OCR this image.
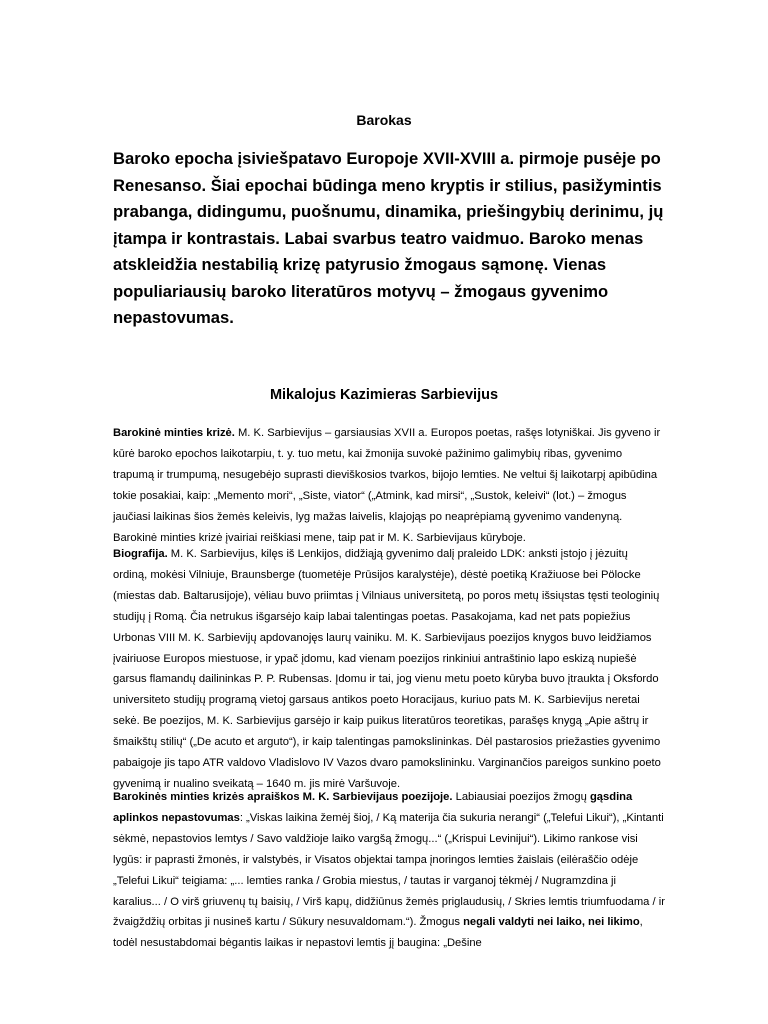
Barokas
Baroko epocha įsiviešpatavo Europoje XVII-XVIII a. pirmoje pusėje po Renesanso. Šiai epochai būdinga meno kryptis ir stilius, pasižymintis prabanga, didingumu, puošnumu, dinamika, priešingybių derinimu, jų įtampa ir kontrastais. Labai svarbus teatro vaidmuo. Baroko menas atskleidžia nestabilią krizę patyrusio žmogaus sąmonę. Vienas populiariausių baroko literatūros motyvų – žmogaus gyvenimo nepastovumas.
Mikalojus Kazimieras Sarbievijus
Barokinė minties krizė. M. K. Sarbievijus – garsiausias XVII a. Europos poetas, rašęs lotyniškai. Jis gyveno ir kūrė baroko epochos laikotarpiu, t. y. tuo metu, kai žmonija suvokė pažinimo galimybių ribas, gyvenimo trapumą ir trumpumą, nesugebėjo suprasti dieviškosios tvarkos, bijojo lemties. Ne veltui šį laikotarpį apibūdina tokie posakiai, kaip: „Memento mori“, „Siste, viator“ („Atmink, kad mirsi“, „Sustok, keleivi“ (lot.) – žmogus jaučiasi laikinas šios žemės keleivis, lyg mažas laivelis, klajojąs po neaprėpiamą gyvenimo vandenyną. Barokinė minties krizė įvairiai reiškiasi mene, taip pat ir M. K. Sarbievijaus kūryboje.
Biografija. M. K. Sarbievijus, kilęs iš Lenkijos, didžiąją gyvenimo dalį praleido LDK: anksti įstojo į jėzuitų ordiną, mokėsi Vilniuje, Braunsberge (tuometėje Prūsijos karalystėje), dėstė poetiką Kražiuose bei Pölocke (miestas dab. Baltarusijoje), vėliau buvo priimtas į Vilniaus universitetą, po poros metų išsiųstas tęsti teologinių studijų į Romą. Čia netrukus išgarsėjo kaip labai talentingas poetas. Pasakojama, kad net pats popiežius Urbonas VIII M. K. Sarbievijų apdovanojęs laurų vainiku. M. K. Sarbievijaus poezijos knygos buvo leidžiamos įvairiuose Europos miestuose, ir ypač įdomu, kad vienam poezijos rinkiniui antraštinio lapo eskizą nupiešė garsus flamandų dailininkas P. P. Rubensas. Įdomu ir tai, jog vienu metu poeto kūryba buvo įtraukta į Oksfordo universiteto studijų programą vietoj garsaus antikos poeto Horacijaus, kuriuo pats M. K. Sarbievijus neretai sekė. Be poezijos, M. K. Sarbievijus garsėjo ir kaip puikus literatūros teoretikas, parašęs knygą „Apie aštrų ir šmaikštų stilių“ („De acuto et arguto“), ir kaip talentingas pamokslininkas. Dėl pastarosios priežasties gyvenimo pabaigoje jis tapo ATR valdovo Vladislovo IV Vazos dvaro pamokslininku. Varginančios pareigos sunkino poeto gyvenimą ir nualino sveikatą – 1640 m. jis mirė Varšuvoje.
Barokinės minties krizės apraiškos M. K. Sarbievijaus poezijoje. Labiausiai poezijos žmogų gąsdina aplinkos nepastovumas: „Viskas laikina žemėj šioj, / Ką materija čia sukuria nerangi“ („Telefui Likui“), „Kintanti sėkmė, nepastovios lemtys / Savo valdžioje laiko vargšą žmogų...“ („Krispui Levinijui“). Likimo rankose visi lygūs: ir paprasti žmonės, ir valstybės, ir Visatos objektai tampa įnoringos lemties žaislais (eilėraščio odėje „Telefui Likui“ teigiama: „... lemties ranka / Grobia miestus, / tautas ir varganoj tėkmėj / Nugramzdina ji karalius... / O virš griuvenų tų baisių, / Virš kapų, didžiūnus žemės priglaudusių, / Skries lemtis triumfuodama / ir žvaigždžių orbitas ji nusineš kartu / Sūkury nesuvaldomam.“). Žmogus negali valdyti nei laiko, nei likimo, todėl nesustabdomai bėgantis laikas ir nepastovi lemtis jį baugina: „Dešine
